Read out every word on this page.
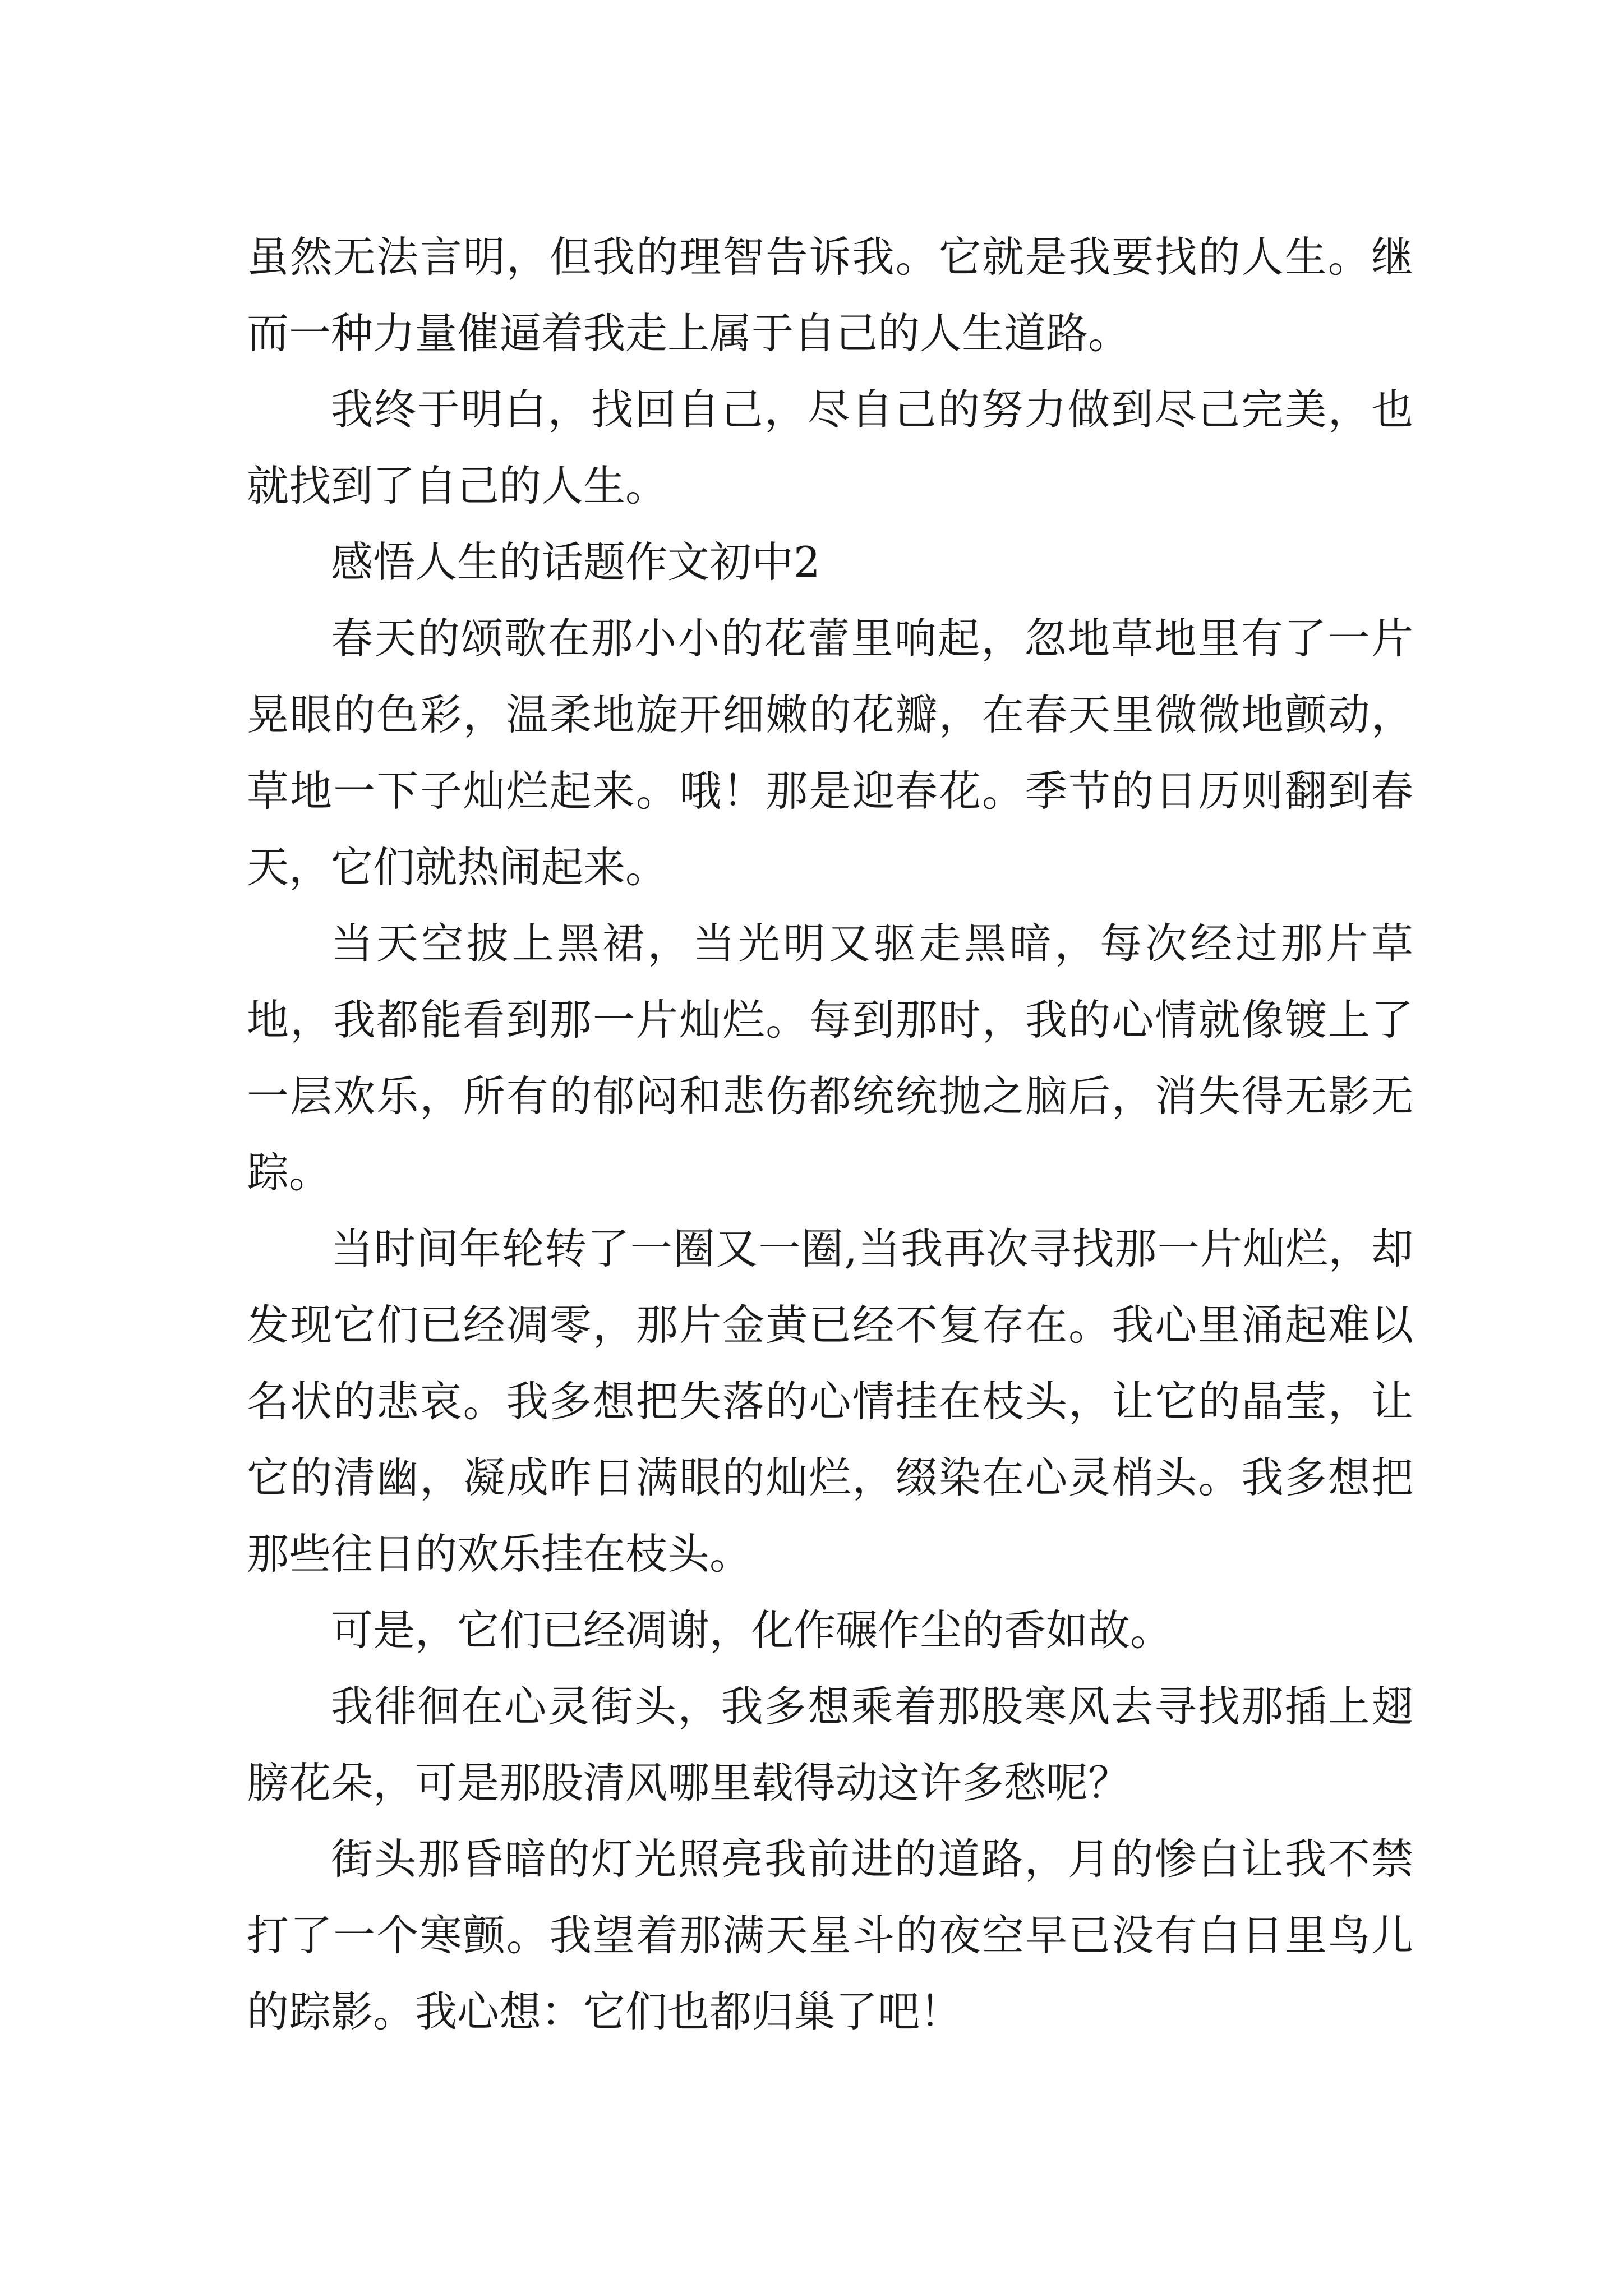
虽然无法言明，但我的理智告诉我。它就是我要找的人生。继而一种力量催逼着我走上属于自己的人生道路。

我终于明白，找回自己，尽自己的努力做到尽己完美，也就找到了自己的人生。

感悟人生的话题作文初中2

春天的颂歌在那小小的花蕾里响起，忽地草地里有了一片晃眼的色彩，温柔地旋开细嫩的花瓣，在春天里微微地颤动，草地一下子灿烂起来。哦！那是迎春花。季节的日历则翻到春天，它们就热闹起来。

当天空披上黑裙，当光明又驱走黑暗，每次经过那片草地，我都能看到那一片灿烂。每到那时，我的心情就像镀上了一层欢乐，所有的郁闷和悲伤都统统抛之脑后，消失得无影无踪。

当时间年轮转了一圈又一圈,当我再次寻找那一片灿烂，却发现它们已经凋零，那片金黄已经不复存在。我心里涌起难以名状的悲哀。我多想把失落的心情挂在枝头，让它的晶莹，让它的清幽，凝成昨日满眼的灿烂，缀染在心灵梢头。我多想把那些往日的欢乐挂在枝头。

可是，它们已经凋谢，化作碾作尘的香如故。

我徘徊在心灵街头，我多想乘着那股寒风去寻找那插上翅膀花朵，可是那股清风哪里载得动这许多愁呢？

街头那昏暗的灯光照亮我前进的道路，月的惨白让我不禁打了一个寒颤。我望着那满天星斗的夜空早已没有白日里鸟儿的踪影。我心想：它们也都归巢了吧！
